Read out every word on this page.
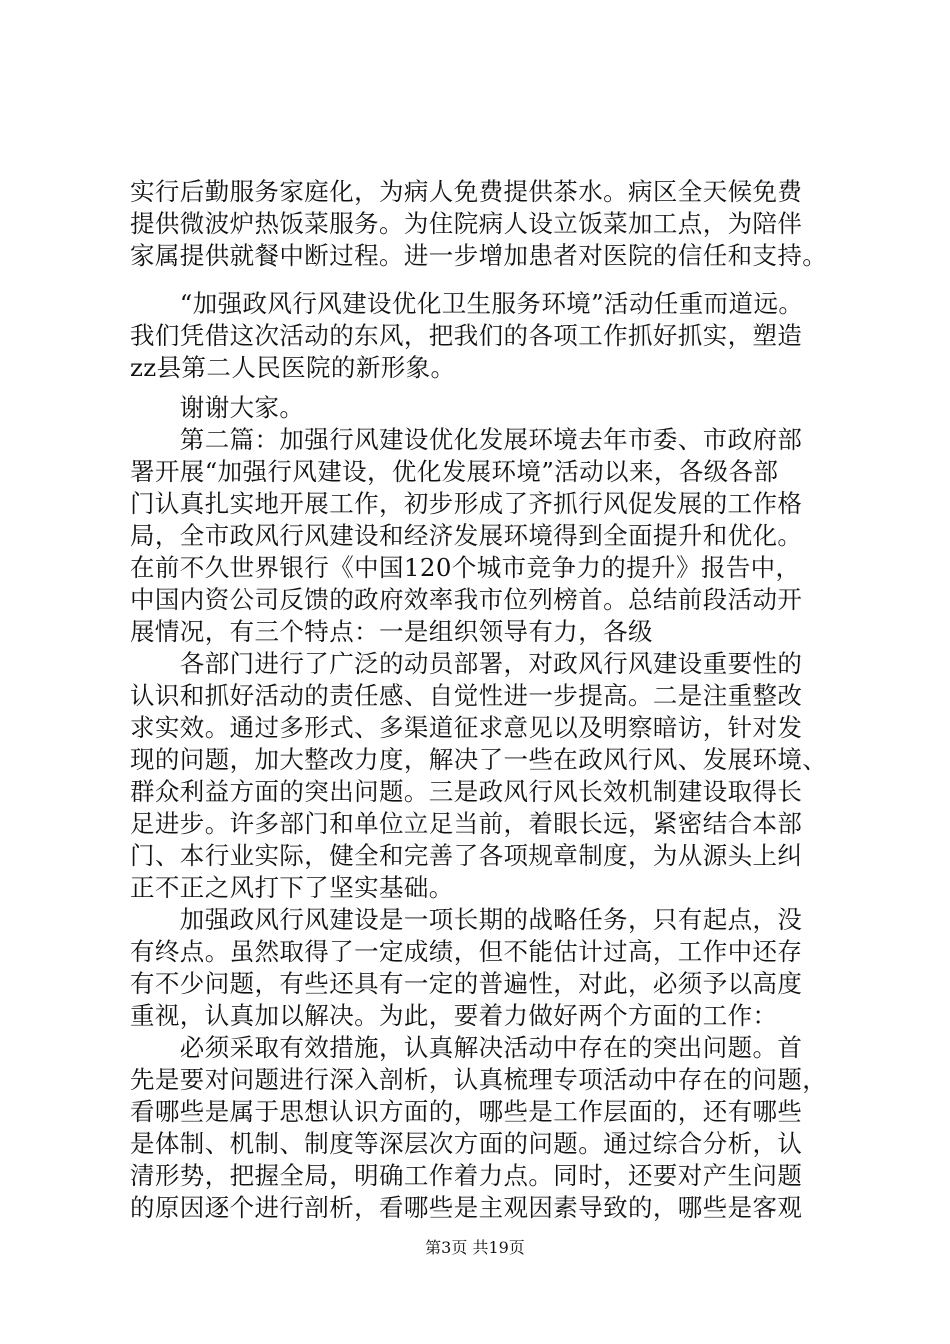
实行后勤服务家庭化，为病人免费提供茶水。病区全天候免费
提供微波炉热饭菜服务。为住院病人设立饭菜加工点，为陪伴
家属提供就餐中断过程。进一步增加患者对医院的信任和支持。
　　“加强政风行风建设优化卫生服务环境”活动任重而道远。
我们凭借这次活动的东风，把我们的各项工作抓好抓实，塑造
zz县第二人民医院的新形象。
　　谢谢大家。
　　第二篇：加强行风建设优化发展环境去年市委、市政府部
署开展“加强行风建设，优化发展环境”活动以来，各级各部
门认真扎实地开展工作，初步形成了齐抓行风促发展的工作格
局，全市政风行风建设和经济发展环境得到全面提升和优化。
在前不久世界银行《中国120个城市竞争力的提升》报告中，
中国内资公司反馈的政府效率我市位列榜首。总结前段活动开
展情况，有三个特点：一是组织领导有力，各级
　　各部门进行了广泛的动员部署，对政风行风建设重要性的
认识和抓好活动的责任感、自觉性进一步提高。二是注重整改
求实效。通过多形式、多渠道征求意见以及明察暗访，针对发
现的问题，加大整改力度，解决了一些在政风行风、发展环境、
群众利益方面的突出问题。三是政风行风长效机制建设取得长
足进步。许多部门和单位立足当前，着眼长远，紧密结合本部
门、本行业实际，健全和完善了各项规章制度，为从源头上纠
正不正之风打下了坚实基础。
　　加强政风行风建设是一项长期的战略任务，只有起点，没
有终点。虽然取得了一定成绩，但不能估计过高，工作中还存
有不少问题，有些还具有一定的普遍性，对此，必须予以高度
重视，认真加以解决。为此，要着力做好两个方面的工作：
　　必须采取有效措施，认真解决活动中存在的突出问题。首
先是要对问题进行深入剖析，认真梳理专项活动中存在的问题，
看哪些是属于思想认识方面的，哪些是工作层面的，还有哪些
是体制、机制、制度等深层次方面的问题。通过综合分析，认
清形势，把握全局，明确工作着力点。同时，还要对产生问题
的原因逐个进行剖析，看哪些是主观因素导致的，哪些是客观
第3页 共19页
